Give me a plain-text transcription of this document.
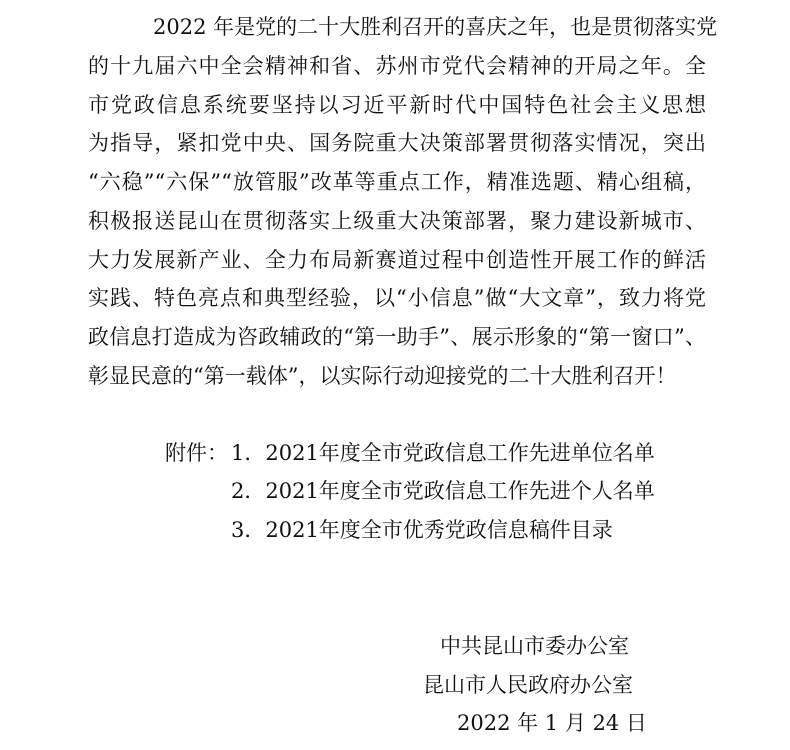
2022 年是党的二十大胜利召开的喜庆之年，也是贯彻落实党
的十九届六中全会精神和省、苏州市党代会精神的开局之年。全
市党政信息系统要坚持以习近平新时代中国特色社会主义思想
为指导，紧扣党中央、国务院重大决策部署贯彻落实情况，突出
“六稳”“六保”“放管服”改革等重点工作，精准选题、精心组稿，
积极报送昆山在贯彻落实上级重大决策部署，聚力建设新城市、
大力发展新产业、全力布局新赛道过程中创造性开展工作的鲜活
实践、特色亮点和典型经验，以“小信息”做“大文章”，致力将党
政信息打造成为咨政辅政的“第一助手”、展示形象的“第一窗口”、
彰显民意的“第一载体”，以实际行动迎接党的二十大胜利召开！
附件： 1．2021年度全市党政信息工作先进单位名单
2．2021年度全市党政信息工作先进个人名单
3．2021年度全市优秀党政信息稿件目录
中共昆山市委办公室
昆山市人民政府办公室
2022 年 1 月 24 日
